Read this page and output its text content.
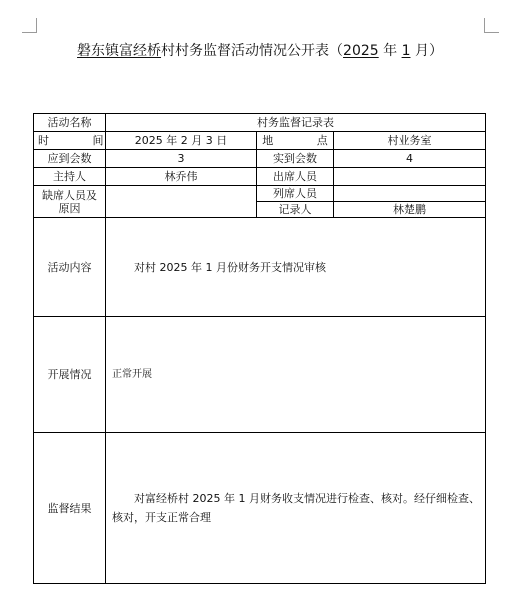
磐东镇富经桥村村务监督活动情况公开表（2025 年 1 月）
活动名称	村务监督记录表		
时 间	2025 年 2 月 3 日	地 点	村业务室
应到会数	3	实到会数	4
主持人	林乔伟	出席人员	
缺席人员及原因		列席人员	
		记录人	林楚鹏
活动内容	对村 2025 年 1 月份财务开支情况审核		
开展情况	正常开展		
监督结果	对富经桥村 2025 年 1 月财务收支情况进行检查、核对。经仔细检查、核对，开支正常合理		
